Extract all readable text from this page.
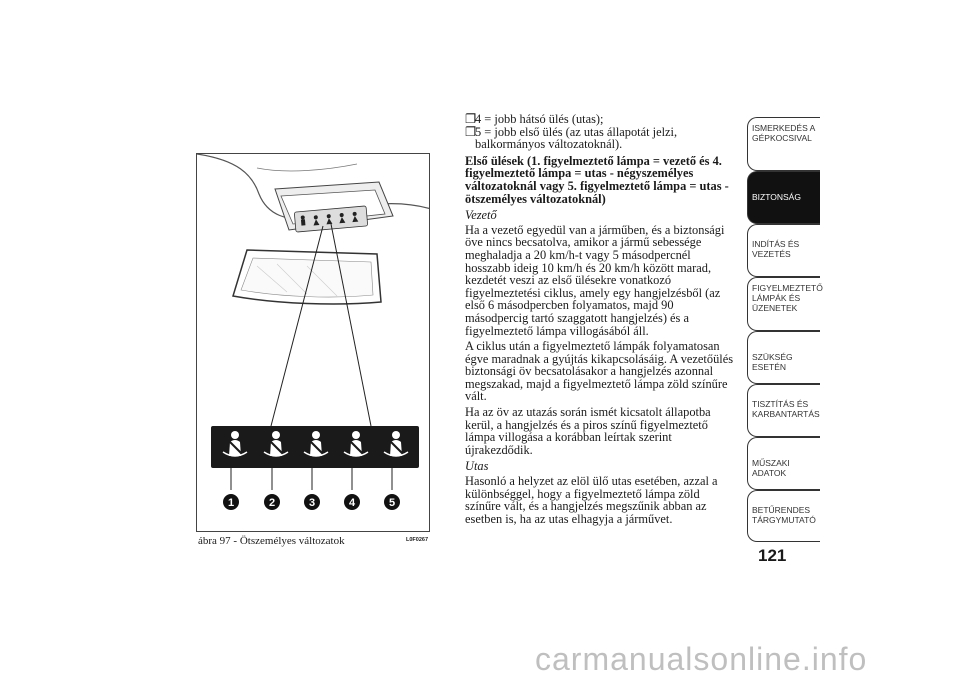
1	2	3	4	5
ábra 97 - Ötszemélyes változatok	L0F0267
❐
4 = jobb hátsó ülés (utas);
❐
5 = jobb első ülés (az utas állapotát jelzi, balkormányos változatoknál).
Első ülések (1. figyelmeztető lámpa = vezető és 4. figyelmeztető lámpa = utas - négyszemélyes változatoknál vagy 5. figyelmeztető lámpa = utas - ötszemélyes változatoknál)

Vezető

Ha a vezető egyedül van a járműben, és a biztonsági öve nincs becsatolva, amikor a jármű sebessége meghaladja a 20 km/h-t vagy 5 másodpercnél hosszabb ideig 10 km/h és 20 km/h között marad, kezdetét veszi az első ülésekre vonatkozó figyelmeztetési ciklus, amely egy hangjelzésből (az első 6 másodpercben folyamatos, majd 90 másodpercig tartó szaggatott hangjelzés) és a figyelmeztető lámpa villogásából áll.

A ciklus után a figyelmeztető lámpák folyamatosan égve maradnak a gyújtás kikapcsolásáig. A vezetőülés biztonsági öv becsatolásakor a hangjelzés azonnal megszakad, majd a figyelmeztető lámpa zöld színűre vált.

Ha az öv az utazás során ismét kicsatolt állapotba kerül, a hangjelzés és a piros színű figyelmeztető lámpa villogása a korábban leírtak szerint újrakezdődik.

Utas

Hasonló a helyzet az elöl ülő utas esetében, azzal a különbséggel, hogy a figyelmeztető lámpa zöld színűre vált, és a hangjelzés megszűnik abban az esetben is, ha az utas elhagyja a járművet.

ISMERKEDÉS A GÉPKOCSIVAL
BIZTONSÁG
INDÍTÁS ÉS VEZETÉS
FIGYELMEZTETŐ LÁMPÁK ÉS ÜZENETEK
SZÜKSÉG ESETÉN
TISZTÍTÁS ÉS KARBANTARTÁS
MŰSZAKI ADATOK
BETŰRENDES TÁRGYMUTATÓ
121
carmanualsonline.info
